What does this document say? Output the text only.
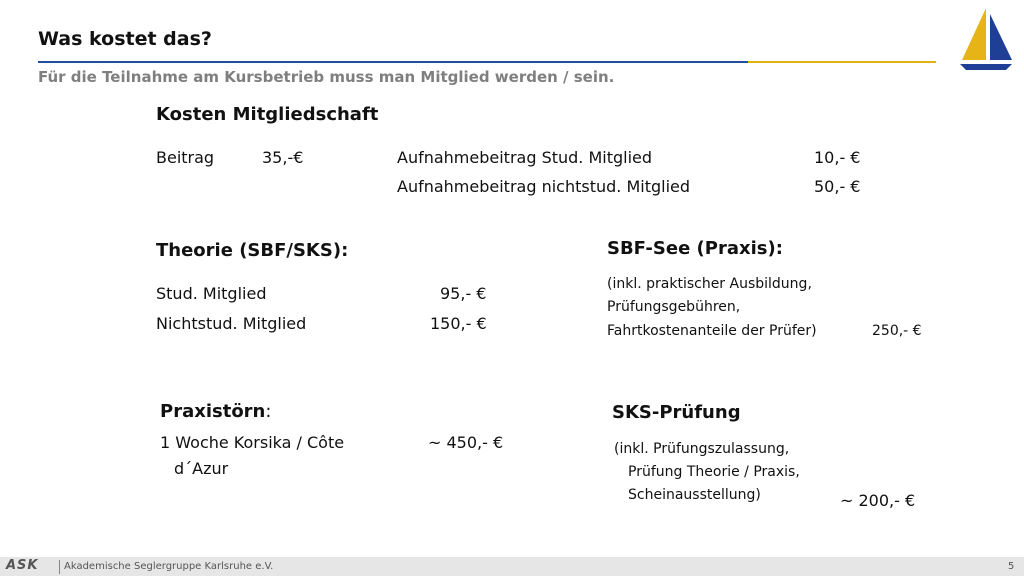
Was kostet das?
Für die Teilnahme am Kursbetrieb muss man Mitglied werden / sein.
Kosten Mitgliedschaft
Beitrag	35,-€	Aufnahmebeitrag Stud. Mitglied	10,- €
Aufnahmebeitrag nichtstud. Mitglied	50,- €
Theorie (SBF/SKS):
Stud. Mitglied	95,- €
Nichtstud. Mitglied	150,- €
SBF-See (Praxis):
(inkl. praktischer Ausbildung,
Prüfungsgebühren,
Fahrtkostenanteile der Prüfer)	250,- €
Praxistörn:
1 Woche Korsika / Côte
d´Azur
~ 450,- €
SKS-Prüfung
(inkl. Prüfungszulassung,
Prüfung Theorie / Praxis,
Scheinausstellung)	~ 200,- €
ASK	Akademische Seglergruppe Karlsruhe e.V.	5
